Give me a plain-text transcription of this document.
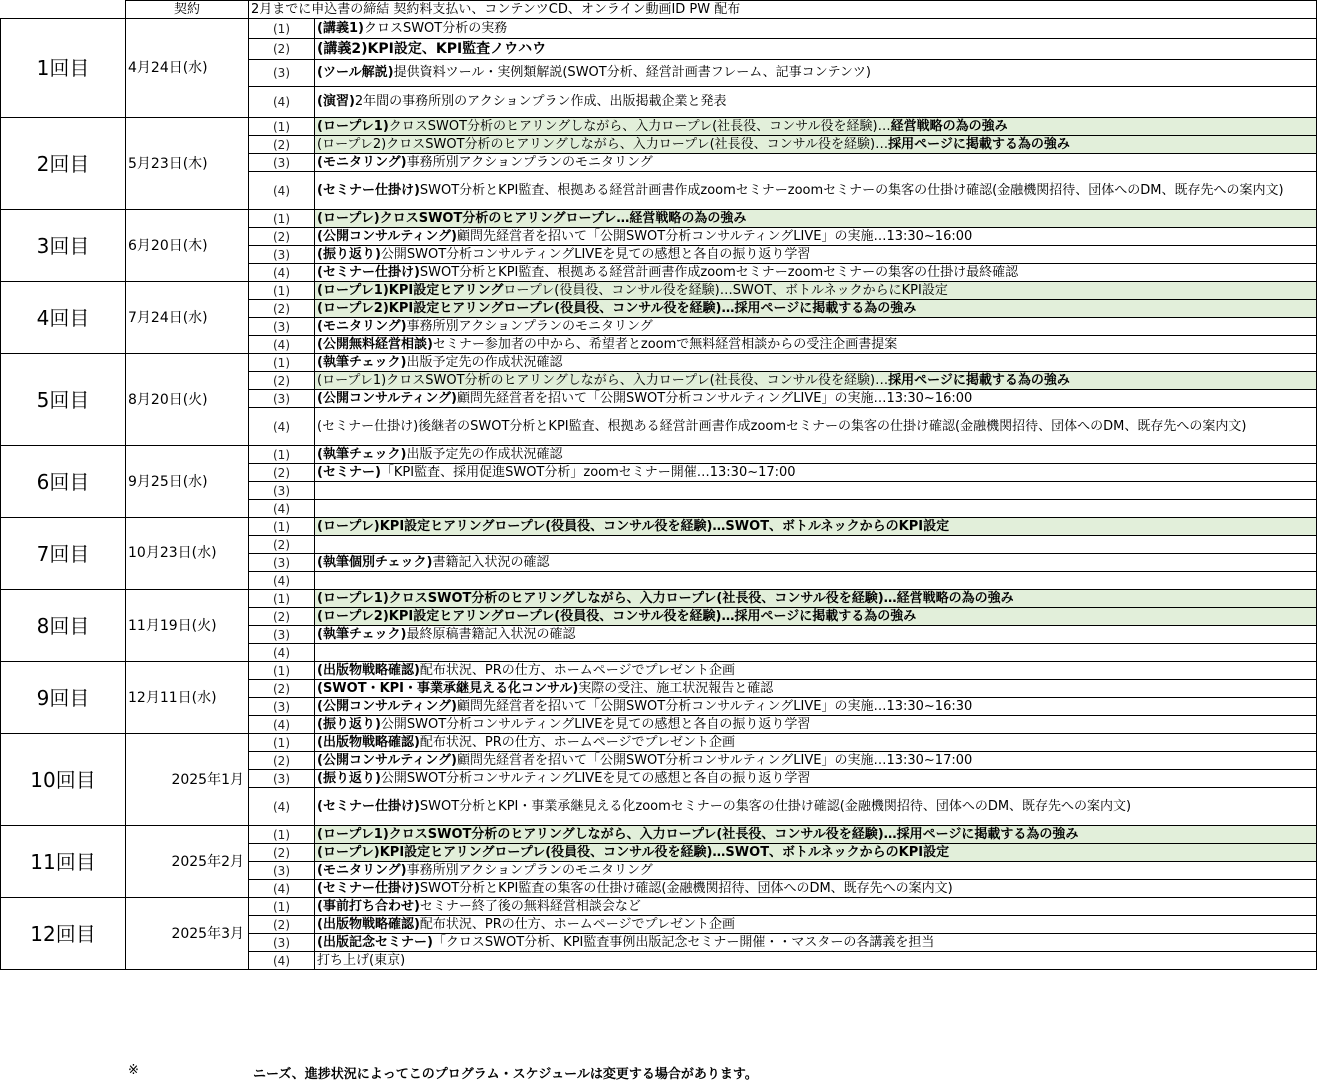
	契約	2月までに申込書の締結 契約料支払い、コンテンツCD、オンライン動画ID PW 配布	
1回目	4月24日(水)	(1)	(講義1)クロスSWOT分析の実務
		(2)	(講義2)KPI設定、KPI監査ノウハウ
		(3)	(ツール解説)提供資料ツール・実例類解説(SWOT分析、経営計画書フレーム、記事コンテンツ)
		(4)	(演習)2年間の事務所別のアクションプラン作成、出版掲載企業と発表
2回目	5月23日(木)	(1)	(ロープレ1)クロスSWOT分析のヒアリングしながら、入力ロープレ(社長役、コンサル役を経験)…経営戦略の為の強み
		(2)	(ロープレ2)クロスSWOT分析のヒアリングしながら、入力ロープレ(社長役、コンサル役を経験)…採用ページに掲載する為の強み
		(3)	(モニタリング)事務所別アクションプランのモニタリング
		(4)	(セミナー仕掛け)SWOT分析とKPI監査、根拠ある経営計画書作成zoomセミナーzoomセミナーの集客の仕掛け確認(金融機関招待、団体へのDM、既存先への案内文)
3回目	6月20日(木)	(1)	(ロープレ)クロスSWOT分析のヒアリングロープレ…経営戦略の為の強み
		(2)	(公開コンサルティング)顧問先経営者を招いて「公開SWOT分析コンサルティングLIVE」の実施…13:30~16:00
		(3)	(振り返り)公開SWOT分析コンサルティングLIVEを見ての感想と各自の振り返り学習
		(4)	(セミナー仕掛け)SWOT分析とKPI監査、根拠ある経営計画書作成zoomセミナーzoomセミナーの集客の仕掛け最終確認
4回目	7月24日(水)	(1)	(ロープレ1)KPI設定ヒアリングロープレ(役員役、コンサル役を経験)…SWOT、ボトルネックからにKPI設定
		(2)	(ロープレ2)KPI設定ヒアリングロープレ(役員役、コンサル役を経験)…採用ページに掲載する為の強み
		(3)	(モニタリング)事務所別アクションプランのモニタリング
		(4)	(公開無料経営相談)セミナー参加者の中から、希望者とzoomで無料経営相談からの受注企画書提案
5回目	8月20日(火)	(1)	(執筆チェック)出版予定先の作成状況確認
		(2)	(ロープレ1)クロスSWOT分析のヒアリングしながら、入力ロープレ(社長役、コンサル役を経験)…採用ページに掲載する為の強み
		(3)	(公開コンサルティング)顧問先経営者を招いて「公開SWOT分析コンサルティングLIVE」の実施…13:30~16:00
		(4)	(セミナー仕掛け)後継者のSWOT分析とKPI監査、根拠ある経営計画書作成zoomセミナーの集客の仕掛け確認(金融機関招待、団体へのDM、既存先への案内文)
6回目	9月25日(水)	(1)	(執筆チェック)出版予定先の作成状況確認
		(2)	(セミナー)「KPI監査、採用促進SWOT分析」zoomセミナー開催…13:30~17:00
		(3)	
		(4)	
7回目	10月23日(水)	(1)	(ロープレ)KPI設定ヒアリングロープレ(役員役、コンサル役を経験)…SWOT、ボトルネックからのKPI設定
		(2)	
		(3)	(執筆個別チェック)書籍記入状況の確認
		(4)	
8回目	11月19日(火)	(1)	(ロープレ1)クロスSWOT分析のヒアリングしながら、入力ロープレ(社長役、コンサル役を経験)…経営戦略の為の強み
		(2)	(ロープレ2)KPI設定ヒアリングロープレ(役員役、コンサル役を経験)…採用ページに掲載する為の強み
		(3)	(執筆チェック)最終原稿書籍記入状況の確認
		(4)	
9回目	12月11日(水)	(1)	(出版物戦略確認)配布状況、PRの仕方、ホームページでプレゼント企画
		(2)	(SWOT・KPI・事業承継見える化コンサル)実際の受注、施工状況報告と確認
		(3)	(公開コンサルティング)顧問先経営者を招いて「公開SWOT分析コンサルティングLIVE」の実施…13:30~16:30
		(4)	(振り返り)公開SWOT分析コンサルティングLIVEを見ての感想と各自の振り返り学習
10回目	2025年1月	(1)	(出版物戦略確認)配布状況、PRの仕方、ホームページでプレゼント企画
		(2)	(公開コンサルティング)顧問先経営者を招いて「公開SWOT分析コンサルティングLIVE」の実施…13:30~17:00
		(3)	(振り返り)公開SWOT分析コンサルティングLIVEを見ての感想と各自の振り返り学習
		(4)	(セミナー仕掛け)SWOT分析とKPI・事業承継見える化zoomセミナーの集客の仕掛け確認(金融機関招待、団体へのDM、既存先への案内文)
11回目	2025年2月	(1)	(ロープレ1)クロスSWOT分析のヒアリングしながら、入力ロープレ(社長役、コンサル役を経験)…採用ページに掲載する為の強み
		(2)	(ロープレ)KPI設定ヒアリングロープレ(役員役、コンサル役を経験)…SWOT、ボトルネックからのKPI設定
		(3)	(モニタリング)事務所別アクションプランのモニタリング
		(4)	(セミナー仕掛け)SWOT分析とKPI監査の集客の仕掛け確認(金融機関招待、団体へのDM、既存先への案内文)
12回目	2025年3月	(1)	(事前打ち合わせ)セミナー終了後の無料経営相談会など
		(2)	(出版物戦略確認)配布状況、PRの仕方、ホームページでプレゼント企画
		(3)	(出版記念セミナー)「クロスSWOT分析、KPI監査事例出版記念セミナー開催・・マスターの各講義を担当
		(4)	打ち上げ(東京)
※	ニーズ、進捗状況によってこのプログラム・スケジュールは変更する場合があります。
